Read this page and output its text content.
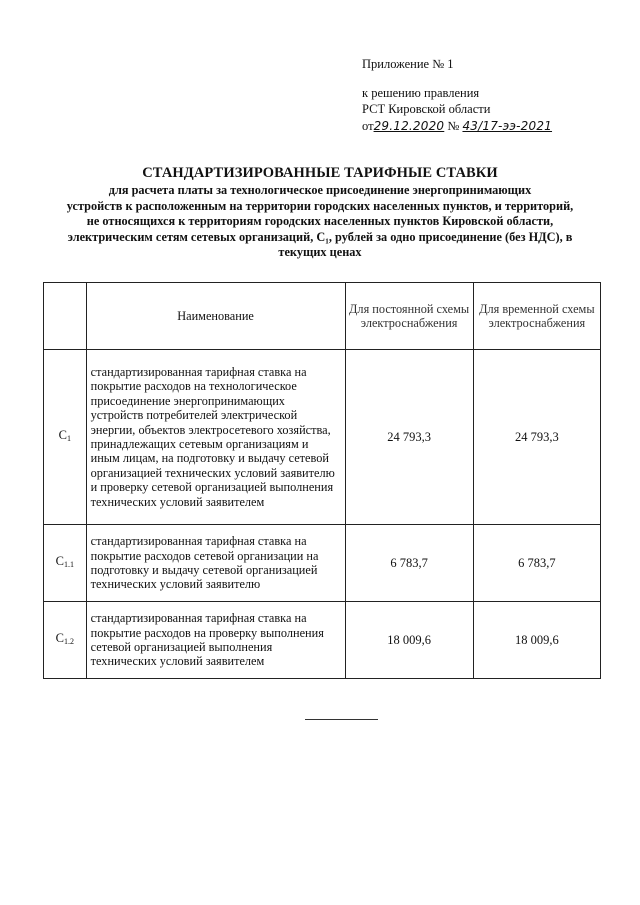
Приложение № 1
к решению правления
РСТ Кировской области
от29.12.2020 № 43/17-ээ-2021
СТАНДАРТИЗИРОВАННЫЕ ТАРИФНЫЕ СТАВКИ
для расчета платы за технологическое присоединение энергопринимающих
устройств к расположенным на территории городских населенных пунктов, и территорий,
не относящихся к территориям городских населенных пунктов Кировской области,
электрическим сетям сетевых организаций, С₁, рублей за одно присоединение (без НДС), в
текущих ценах
	Наименование	Для постоянной схемы электроснабжения	Для временной схемы электроснабжения
$C_1$	стандартизированная тарифная ставка на покрытие расходов на технологическое присоединение энергопринимающих устройств потребителей электрической энергии, объектов электросетевого хозяйства, принадлежащих сетевым организациям и иным лицам, на подготовку и выдачу сетевой организацией технических условий заявителю и проверку сетевой организацией выполнения технических условий заявителем	24 793,3	24 793,3
$C_{1.1}$	стандартизированная тарифная ставка на покрытие расходов сетевой организации на подготовку и выдачу сетевой организацией технических условий заявителю	6 783,7	6 783,7
$C_{1.2}$	стандартизированная тарифная ставка на покрытие расходов на проверку выполнения сетевой организацией выполнения технических условий заявителем	18 009,6	18 009,6
